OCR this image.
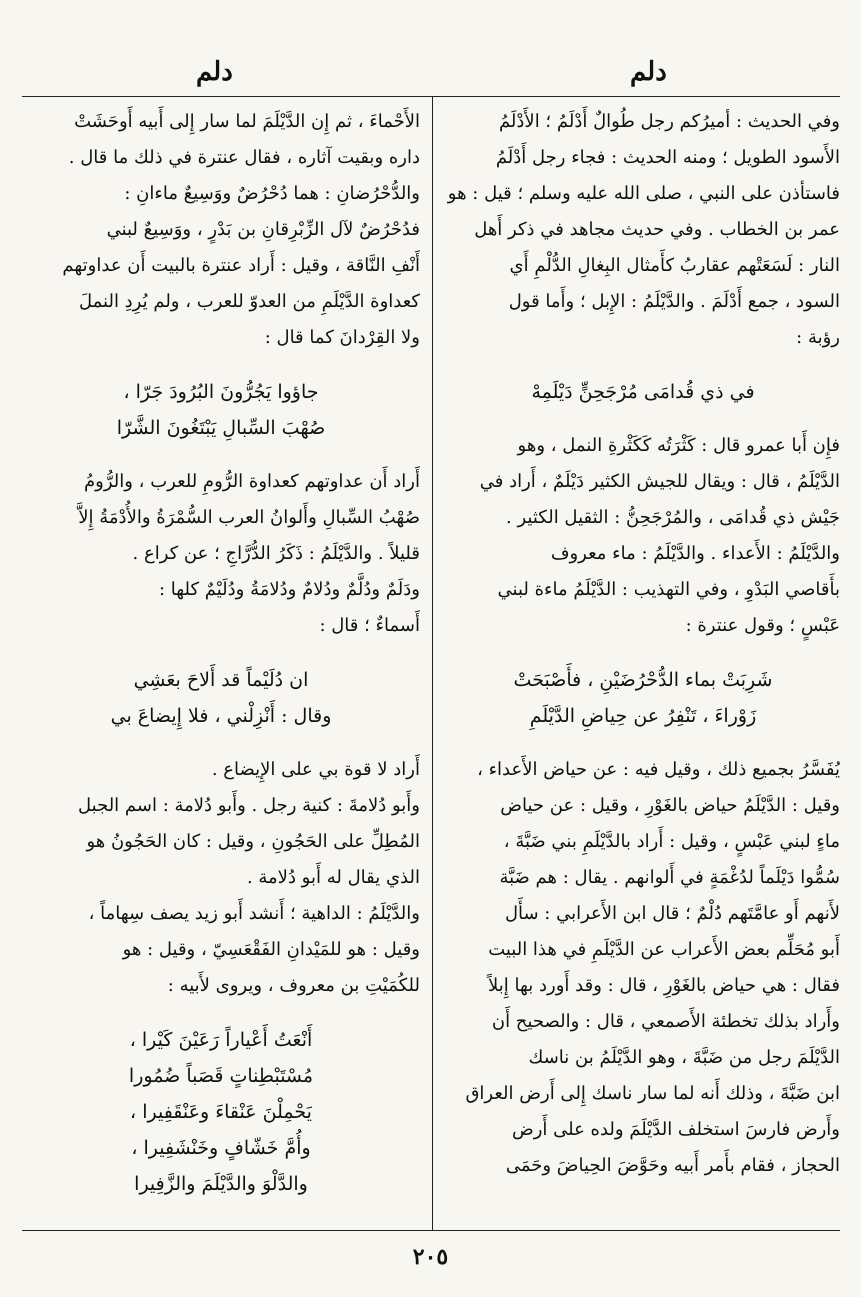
دلم	دلم
وفي الحديث : أميرُكم رجل طُوالٌ أَدْلَمُ ؛ الأَدْلَمُ
الأَسود الطويل ؛ ومنه الحديث : فجاء رجل أَدْلَمُ
فاستأذن على النبي ، صلى الله عليه وسلم ؛ قيل : هو
عمر بن الخطاب . وفي حديث مجاهد في ذكر أَهل
النار : لَسَعَتْهم عقاربُ كأَمثال البِغالِ الدُّلْمِ أَي
السود ، جمع أَدْلَمَ . والدَّيْلَمُ : الإِبل ؛ وأَما قول
رؤبة :
في ذي قُدامَى مُرْجَحِنٍّ دَيْلَمِهْ
فإِن أَبا عمرو قال : كَثْرَتُه كَكَثْرةِ النمل ، وهو
الدَّيْلَمُ ، قال : ويقال للجيش الكثير دَيْلَمٌ ، أَراد في
جَيْش ذي قُدامَى ، والمُرْجَحِنُّ : الثقيل الكثير .
والدَّيْلَمُ : الأَعداء . والدَّيْلَمُ : ماء معروف
بأَقاصي البَدْوِ ، وفي التهذيب : الدَّيْلَمُ ماءة لبني
عَبْسٍ ؛ وقول عنترة :
شَرِبَتْ بماء الدُّحْرُضَيْنِ ، فأَصْبَحَتْ
زَوْراءَ ، تَنْفِرُ عن حِياضِ الدَّيْلَمِ
يُفَسَّرُ بجميع ذلك ، وقيل فيه : عن حياض الأَعداء ،
وقيل : الدَّيْلَمُ حياض بالغَوْرِ ، وقيل : عن حياض
ماءٍ لبني عَبْسٍ ، وقيل : أَراد بالدَّيْلَمِ بني ضَبَّةَ ،
سُمُّوا دَيْلَماً لدُغْمَةٍ في أَلوانهم . يقال : هم ضَبَّة
لأَنهم أَو عامَّتَهم دُلْمٌ ؛ قال ابن الأَعرابي : سأَل
أَبو مُحَلِّم بعض الأَعراب عن الدَّيْلَمِ في هذا البيت
فقال : هي حياض بالغَوْرِ ، قال : وقد أَورد بها إِبلاً
وأَراد بذلك تخطئة الأَصمعي ، قال : والصحيح أَن
الدَّيْلَمَ رجل من ضَبَّةَ ، وهو الدَّيْلَمُ بن ناسك
ابن ضَبَّةَ ، وذلك أَنه لما سار ناسك إِلى أَرض العراق
وأَرض فارسَ استخلف الدَّيْلَمَ ولده على أَرض
الحجاز ، فقام بأَمر أَبيه وحَوَّضَ الحِياضَ وحَمَى
الأَحْماءَ ، ثم إِن الدَّيْلَمَ لما سار إِلى أَبيه أَوحَشَتْ
داره وبقيت آثاره ، فقال عنترة في ذلك ما قال .
والدُّحْرُضانِ : هما دُحْرُضٌ ووَسِيعٌ ماءانِ :
فدُحْرُضٌ لآل الزِّبْرِقانِ بن بَدْرٍ ، ووَسِيعٌ لبني
أَنْفِ النَّاقة ، وقيل : أَراد عنترة بالبيت أَن عداوتهم
كعداوة الدَّيْلَمِ من العدوّ للعرب ، ولم يُرِدِ النملَ
ولا القِرْدانَ كما قال :
جاؤوا يَجُرُّونَ البُرُودَ جَرّا ،
صُهْبَ السِّبالِ يَبْتَغُونَ الشَّرّا
أَراد أَن عداوتهم كعداوة الرُّومِ للعرب ، والرُّومُ
صُهْبُ السِّبالِ وأَلوانُ العرب السُّمْرَةُ والأُدْمَةُ إِلاَّ
قليلاً . والدَّيْلَمُ : ذَكَرُ الدُّرَّاجِ ؛ عن كراع .
ودَلَمٌ ودُلَّمٌ ودُلامٌ ودُلامَةُ ودُلَيْمٌ كلها :
أَسماءٌ ؛ قال :
ان دُلَيْماً قد أَلاحَ بعَشِي
وقال : أَنْزِلْني ، فلا إِيضاعَ بي
أَراد لا قوة بي على الإِيضاع .
وأَبو دُلامةَ : كنية رجل . وأَبو دُلامة : اسم الجبل
المُطِلِّ على الحَجُونِ ، وقيل : كان الحَجُونُ هو
الذي يقال له أَبو دُلامة .
والدَّيْلَمُ : الداهية ؛ أَنشد أَبو زيد يصف سِهاماً ،
وقيل : هو للمَيْدانِ الفَقْعَسِيّ ، وقيل : هو
للكُمَيْتِ بن معروف ، ويروى لأَبيه :
أَنْعَتُ أَعْياراً رَعَيْنَ كَيْرا ،
مُسْتَبْطِناتٍ قَصَباً ضُمُورا
يَحْمِلْنَ عَنْقاءَ وعَنْقَفِيرا ،
وأُمَّ خَشّافٍ وخَنْشَفِيرا ،
والدَّلْوَ والدَّيْلَمَ والزَّفِيرا
٢٠٥
